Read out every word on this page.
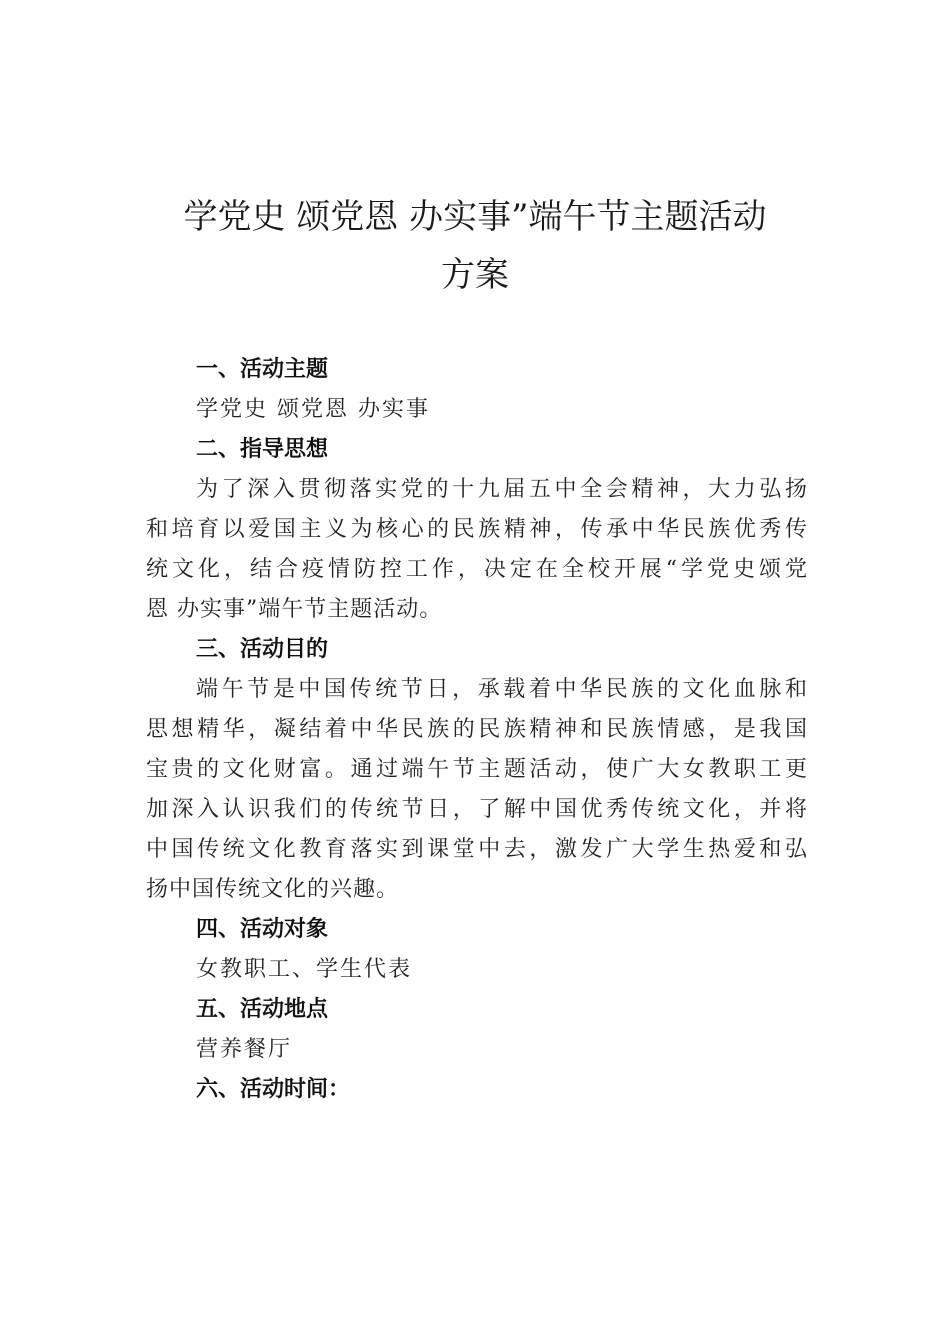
学党史 颂党恩 办实事”端午节主题活动
方案
一、活动主题
学党史 颂党恩 办实事
二、指导思想
为了深入贯彻落实党的十九届五中全会精神，大力弘扬
和培育以爱国主义为核心的民族精神，传承中华民族优秀传
统文化，结合疫情防控工作，决定在全校开展“学党史颂党
恩 办实事”端午节主题活动。
三、活动目的
端午节是中国传统节日，承载着中华民族的文化血脉和
思想精华，凝结着中华民族的民族精神和民族情感，是我国
宝贵的文化财富。通过端午节主题活动，使广大女教职工更
加深入认识我们的传统节日，了解中国优秀传统文化，并将
中国传统文化教育落实到课堂中去，激发广大学生热爱和弘
扬中国传统文化的兴趣。
四、活动对象
女教职工、学生代表
五、活动地点
营养餐厅
六、活动时间：
